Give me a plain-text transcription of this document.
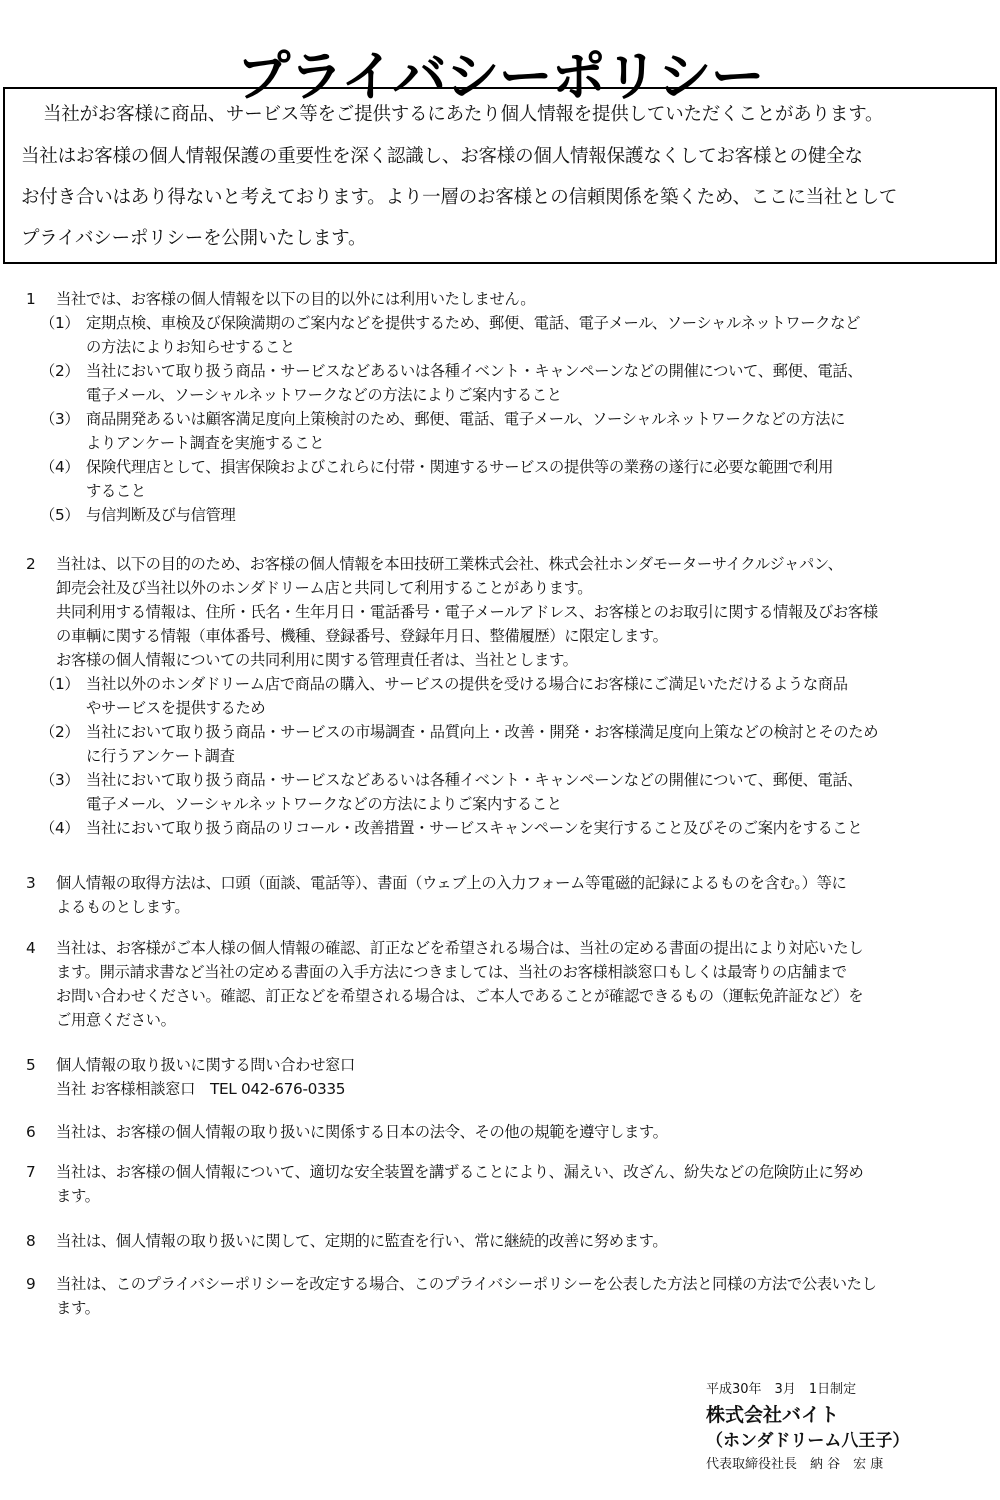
プライバシーポリシー
当社がお客様に商品、サービス等をご提供するにあたり個人情報を提供していただくことがあります。
当社はお客様の個人情報保護の重要性を深く認識し、お客様の個人情報保護なくしてお客様との健全な
お付き合いはあり得ないと考えております。より一層のお客様との信頼関係を築くため、ここに当社として
プライバシーポリシーを公開いたします。
1 当社では、お客様の個人情報を以下の目的以外には利用いたしません。
（1） 定期点検、車検及び保険満期のご案内などを提供するため、郵便、電話、電子メール、ソーシャルネットワークなど
の方法によりお知らせすること
（2） 当社において取り扱う商品・サービスなどあるいは各種イベント・キャンペーンなどの開催について、郵便、電話、
電子メール、ソーシャルネットワークなどの方法によりご案内すること
（3） 商品開発あるいは顧客満足度向上策検討のため、郵便、電話、電子メール、ソーシャルネットワークなどの方法に
よりアンケート調査を実施すること
（4） 保険代理店として、損害保険およびこれらに付帯・関連するサービスの提供等の業務の遂行に必要な範囲で利用
すること
（5） 与信判断及び与信管理
2 当社は、以下の目的のため、お客様の個人情報を本田技研工業株式会社、株式会社ホンダモーターサイクルジャパン、
卸売会社及び当社以外のホンダドリーム店と共同して利用することがあります。
共同利用する情報は、住所・氏名・生年月日・電話番号・電子メールアドレス、お客様とのお取引に関する情報及びお客様
の車輌に関する情報（車体番号、機種、登録番号、登録年月日、整備履歴）に限定します。
お客様の個人情報についての共同利用に関する管理責任者は、当社とします。
（1） 当社以外のホンダドリーム店で商品の購入、サービスの提供を受ける場合にお客様にご満足いただけるような商品
やサービスを提供するため
（2） 当社において取り扱う商品・サービスの市場調査・品質向上・改善・開発・お客様満足度向上策などの検討とそのため
に行うアンケート調査
（3） 当社において取り扱う商品・サービスなどあるいは各種イベント・キャンペーンなどの開催について、郵便、電話、
電子メール、ソーシャルネットワークなどの方法によりご案内すること
（4） 当社において取り扱う商品のリコール・改善措置・サービスキャンペーンを実行すること及びそのご案内をすること
3 個人情報の取得方法は、口頭（面談、電話等）、書面（ウェブ上の入力フォーム等電磁的記録によるものを含む。）等に
よるものとします。
4 当社は、お客様がご本人様の個人情報の確認、訂正などを希望される場合は、当社の定める書面の提出により対応いたし
ます。開示請求書など当社の定める書面の入手方法につきましては、当社のお客様相談窓口もしくは最寄りの店舗まで
お問い合わせください。確認、訂正などを希望される場合は、ご本人であることが確認できるもの（運転免許証など）を
ご用意ください。
5 個人情報の取り扱いに関する問い合わせ窓口
当社 お客様相談窓口　TEL 042-676-0335
6 当社は、お客様の個人情報の取り扱いに関係する日本の法令、その他の規範を遵守します。
7 当社は、お客様の個人情報について、適切な安全装置を講ずることにより、漏えい、改ざん、紛失などの危険防止に努め
ます。
8 当社は、個人情報の取り扱いに関して、定期的に監査を行い、常に継続的改善に努めます。
9 当社は、このプライバシーポリシーを改定する場合、このプライバシーポリシーを公表した方法と同様の方法で公表いたし
ます。
平成30年　3月　1日制定
株式会社バイト
（ホンダドリーム八王子）
代表取締役社長　納 谷　宏 康
